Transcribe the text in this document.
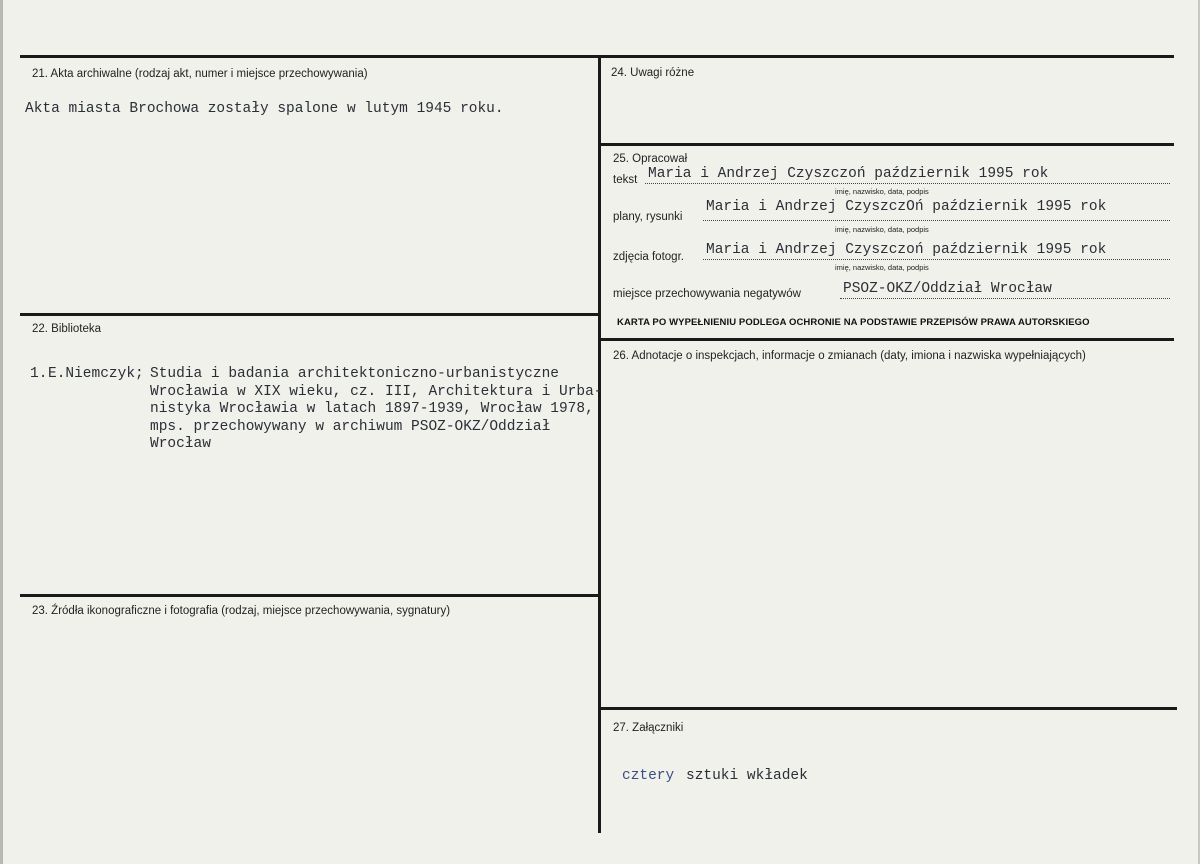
21. Akta archiwalne (rodzaj akt, numer i miejsce przechowywania)
Akta miasta Brochowa zostały spalone w lutym 1945 roku.
22. Biblioteka
1. E.Niemczyk; Studia i badania architektoniczno-urbanistyczne
Wrocławia w XIX wieku, cz. III, Architektura i Urba-
nistyka Wrocławia w latach 1897-1939, Wrocław 1978,
mps. przechowywany w archiwum PSOZ-OKZ/Oddział
Wrocław
23. Źródła ikonograficzne i fotografia (rodzaj, miejsce przechowywania, sygnatury)
24. Uwagi różne
25. Opracował
tekst Maria i Andrzej Czyszczoń październik 1995 rok
imię, nazwisko, data, podpis
plany, rysunki
Maria i Andrzej CzyszczOń październik 1995 rok
imię, nazwisko, data, podpis
zdjęcia fotogr. Maria i Andrzej Czyszczoń październik 1995 rok
imię, nazwisko, data, podpis
miejsce przechowywania negatywów	PSOZ-OKZ/Oddział Wrocław
KARTA PO WYPEŁNIENIU PODLEGA OCHRONIE NA PODSTAWIE PRZEPISÓW PRAWA AUTORSKIEGO
26. Adnotacje o inspekcjach, informacje o zmianach (daty, imiona i nazwiska wypełniających)
27. Załączniki
cztery sztuki wkładek
